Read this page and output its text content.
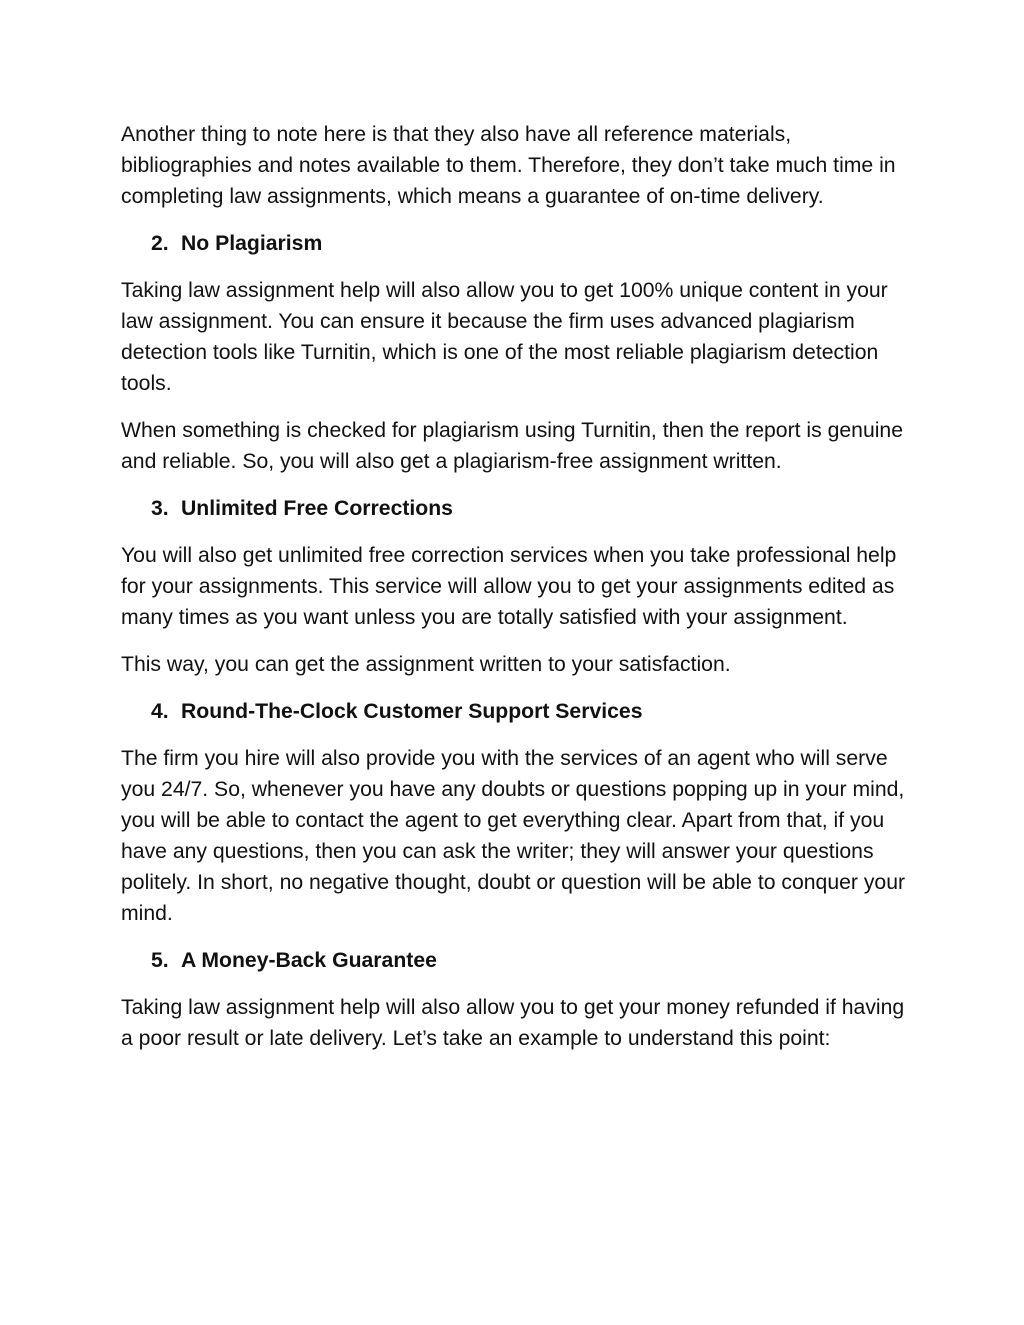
Another thing to note here is that they also have all reference materials, bibliographies and notes available to them. Therefore, they don’t take much time in completing law assignments, which means a guarantee of on-time delivery.

2. No Plagiarism

Taking law assignment help will also allow you to get 100% unique content in your law assignment. You can ensure it because the firm uses advanced plagiarism detection tools like Turnitin, which is one of the most reliable plagiarism detection tools.

When something is checked for plagiarism using Turnitin, then the report is genuine and reliable. So, you will also get a plagiarism-free assignment written.

3. Unlimited Free Corrections

You will also get unlimited free correction services when you take professional help for your assignments. This service will allow you to get your assignments edited as many times as you want unless you are totally satisfied with your assignment.

This way, you can get the assignment written to your satisfaction.

4. Round-The-Clock Customer Support Services

The firm you hire will also provide you with the services of an agent who will serve you 24/7. So, whenever you have any doubts or questions popping up in your mind, you will be able to contact the agent to get everything clear. Apart from that, if you have any questions, then you can ask the writer; they will answer your questions politely. In short, no negative thought, doubt or question will be able to conquer your mind.

5. A Money-Back Guarantee

Taking law assignment help will also allow you to get your money refunded if having a poor result or late delivery. Let’s take an example to understand this point:
